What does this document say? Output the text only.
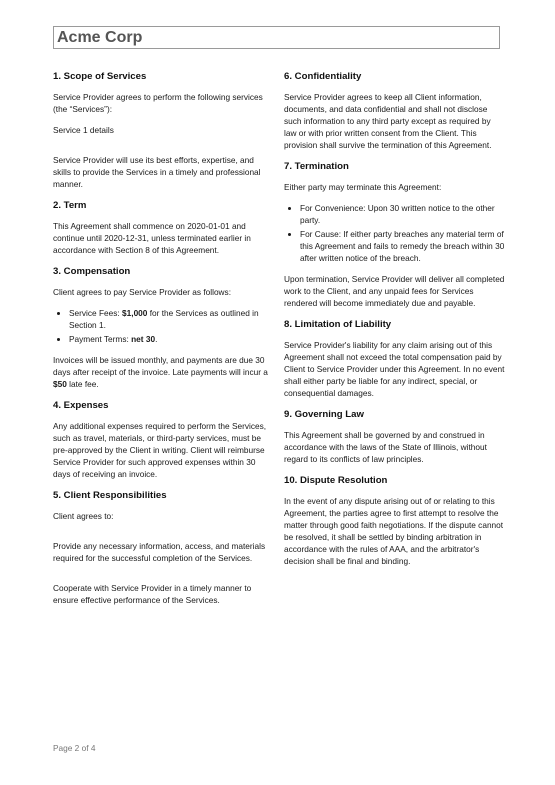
Acme Corp
1. Scope of Services

Service Provider agrees to perform the following services (the “Services”):

Service 1 details

Service Provider will use its best efforts, expertise, and skills to provide the Services in a timely and professional manner.

2. Term

This Agreement shall commence on 2020-01-01 and continue until 2020-12-31, unless terminated earlier in accordance with Section 8 of this Agreement.

3. Compensation

Client agrees to pay Service Provider as follows:

• Service Fees: $1,000 for the Services as outlined in Section 1.
• Payment Terms: net 30.

Invoices will be issued monthly, and payments are due 30 days after receipt of the invoice. Late payments will incur a $50 late fee.

4. Expenses

Any additional expenses required to perform the Services, such as travel, materials, or third-party services, must be pre-approved by the Client in writing. Client will reimburse Service Provider for such approved expenses within 30 days of receiving an invoice.

5. Client Responsibilities

Client agrees to:

Provide any necessary information, access, and materials required for the successful completion of the Services.

Cooperate with Service Provider in a timely manner to ensure effective performance of the Services.

6. Confidentiality

Service Provider agrees to keep all Client information, documents, and data confidential and shall not disclose such information to any third party except as required by law or with prior written consent from the Client. This provision shall survive the termination of this Agreement.

7. Termination

Either party may terminate this Agreement:

• For Convenience: Upon 30 written notice to the other party.
• For Cause: If either party breaches any material term of this Agreement and fails to remedy the breach within 30 after written notice of the breach.

Upon termination, Service Provider will deliver all completed work to the Client, and any unpaid fees for Services rendered will become immediately due and payable.

8. Limitation of Liability

Service Provider's liability for any claim arising out of this Agreement shall not exceed the total compensation paid by Client to Service Provider under this Agreement. In no event shall either party be liable for any indirect, special, or consequential damages.

9. Governing Law

This Agreement shall be governed by and construed in accordance with the laws of the State of Illinois, without regard to its conflicts of law principles.

10. Dispute Resolution

In the event of any dispute arising out of or relating to this Agreement, the parties agree to first attempt to resolve the matter through good faith negotiations. If the dispute cannot be resolved, it shall be settled by binding arbitration in accordance with the rules of AAA, and the arbitrator's decision shall be final and binding.

Page 2 of 4
